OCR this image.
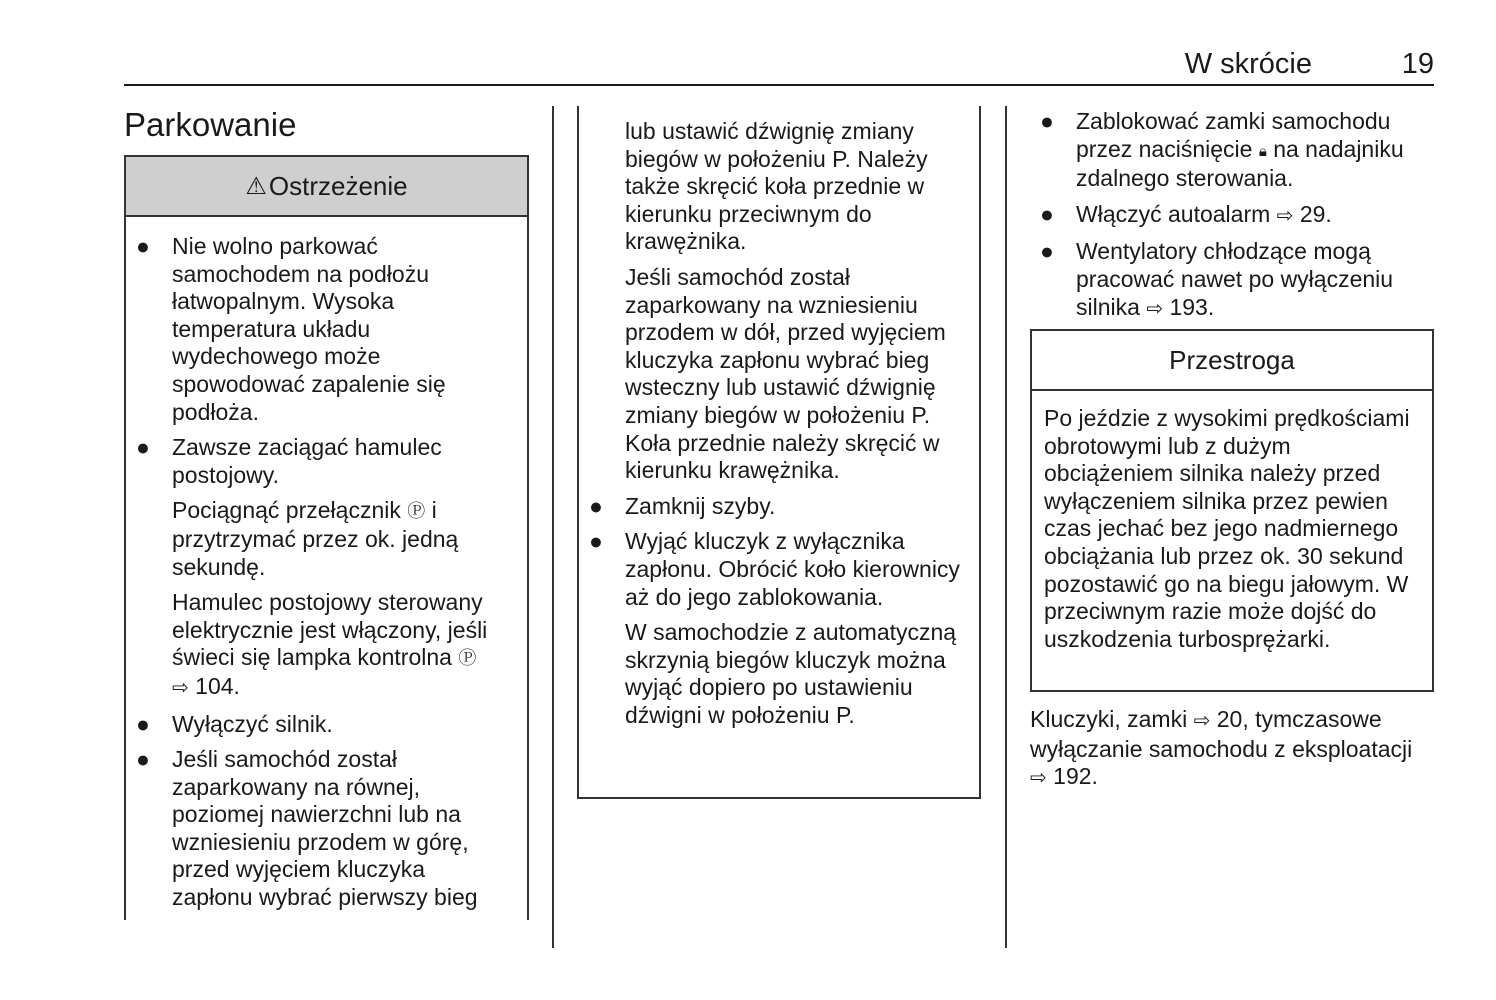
W skrócie	19
Parkowanie
⚠ Ostrzeżenie
● Nie wolno parkować samochodem na podłożu łatwopalnym. Wysoka temperatura układu wydechowego może spowodować zapalenie się podłoża.
● Zawsze zaciągać hamulec postojowy.
Pociągnąć przełącznik Ⓟ i przytrzymać przez ok. jedną sekundę.
Hamulec postojowy sterowany elektrycznie jest włączony, jeśli świeci się lampka kontrolna Ⓟ
⇨ 104.
● Wyłączyć silnik.
● Jeśli samochód został zaparkowany na równej, poziomej nawierzchni lub na wzniesieniu przodem w górę, przed wyjęciem kluczyka zapłonu wybrać pierwszy bieg
lub ustawić dźwignię zmiany biegów w położeniu P. Należy także skręcić koła przednie w kierunku przeciwnym do krawężnika.
Jeśli samochód został zaparkowany na wzniesieniu przodem w dół, przed wyjęciem kluczyka zapłonu wybrać bieg wsteczny lub ustawić dźwignię zmiany biegów w położeniu P. Koła przednie należy skręcić w kierunku krawężnika.
● Zamknij szyby.
● Wyjąć kluczyk z wyłącznika zapłonu. Obrócić koło kierownicy aż do jego zablokowania.
W samochodzie z automatyczną skrzynią biegów kluczyk można wyjąć dopiero po ustawieniu dźwigni w położeniu P.
● Zablokować zamki samochodu przez naciśnięcie 🔒︎ na nadajniku zdalnego sterowania.
● Włączyć autoalarm ⇨ 29.
● Wentylatory chłodzące mogą pracować nawet po wyłączeniu silnika ⇨ 193.
Przestroga
Po jeździe z wysokimi prędkościami obrotowymi lub z dużym obciążeniem silnika należy przed wyłączeniem silnika przez pewien czas jechać bez jego nadmiernego obciążania lub przez ok. 30 sekund pozostawić go na biegu jałowym. W przeciwnym razie może dojść do uszkodzenia turbosprężarki.
Kluczyki, zamki ⇨ 20, tymczasowe wyłączanie samochodu z eksploatacji
⇨ 192.
